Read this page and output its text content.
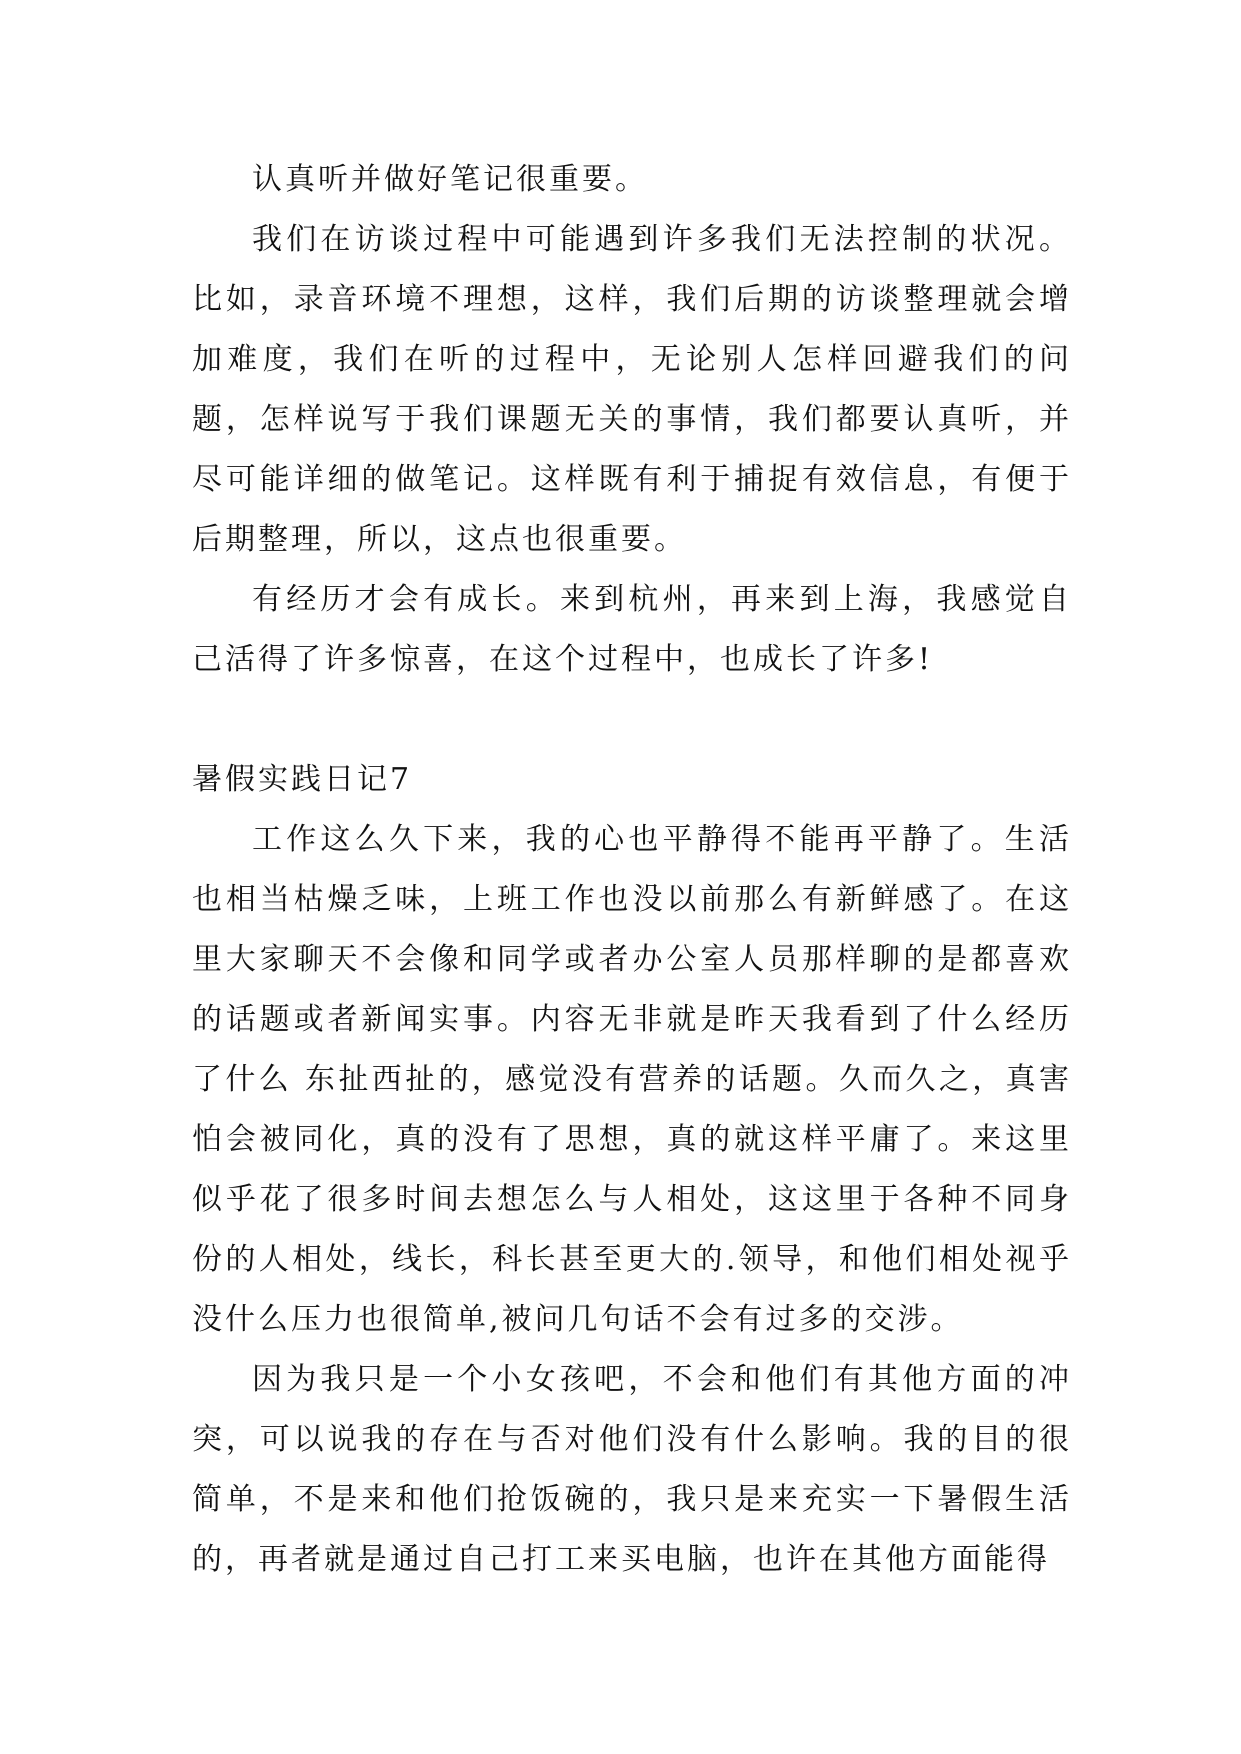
认真听并做好笔记很重要。

我们在访谈过程中可能遇到许多我们无法控制的状况。比如，录音环境不理想，这样，我们后期的访谈整理就会增加难度，我们在听的过程中，无论别人怎样回避我们的问题，怎样说写于我们课题无关的事情，我们都要认真听，并尽可能详细的做笔记。这样既有利于捕捉有效信息，有便于后期整理，所以，这点也很重要。

有经历才会有成长。来到杭州，再来到上海，我感觉自己活得了许多惊喜，在这个过程中，也成长了许多!

暑假实践日记7

工作这么久下来，我的心也平静得不能再平静了。生活也相当枯燥乏味，上班工作也没以前那么有新鲜感了。在这里大家聊天不会像和同学或者办公室人员那样聊的是都喜欢的话题或者新闻实事。内容无非就是昨天我看到了什么经历了什么 东扯西扯的，感觉没有营养的话题。久而久之，真害怕会被同化，真的没有了思想，真的就这样平庸了。来这里似乎花了很多时间去想怎么与人相处，这这里于各种不同身份的人相处，线长，科长甚至更大的.领导，和他们相处视乎没什么压力也很简单,被问几句话不会有过多的交涉。

因为我只是一个小女孩吧，不会和他们有其他方面的冲突，可以说我的存在与否对他们没有什么影响。我的目的很简单，不是来和他们抢饭碗的，我只是来充实一下暑假生活的，再者就是通过自己打工来买电脑，也许在其他方面能得
